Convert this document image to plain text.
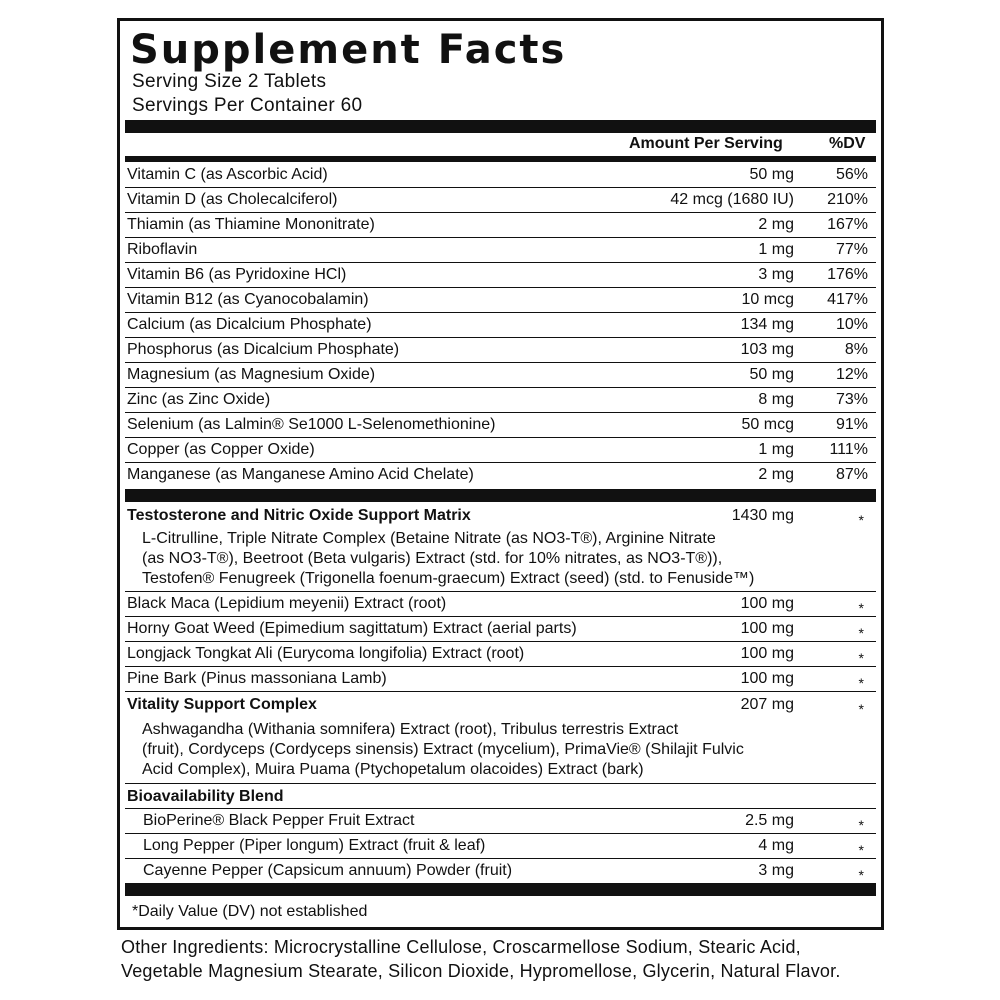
Supplement Facts
Serving Size 2 Tablets
Servings Per Container 60
Amount Per Serving	%DV
Vitamin C (as Ascorbic Acid)	50 mg	56%
Vitamin D (as Cholecalciferol)	42 mcg (1680 IU) 210%
Thiamin (as Thiamine Mononitrate)	2 mg 167%
Riboflavin	1 mg	77%
Vitamin B6 (as Pyridoxine HCl)	3 mg 176%
Vitamin B12 (as Cyanocobalamin)	10 mcg 417%
Calcium (as Dicalcium Phosphate)	134 mg	10%
Phosphorus (as Dicalcium Phosphate)	103 mg	8%
Magnesium (as Magnesium Oxide)	50 mg	12%
Zinc (as Zinc Oxide)	8 mg	73%
Selenium (as Lalmin® Se1000 L-Selenomethionine)	50 mcg	91%
Copper (as Copper Oxide)	1 mg 111%
Manganese (as Manganese Amino Acid Chelate)	2 mg	87%
Testosterone and Nitric Oxide Support Matrix	1430 mg	*
L-Citrulline, Triple Nitrate Complex (Betaine Nitrate (as NO3-T®), Arginine Nitrate
(as NO3-T®), Beetroot (Beta vulgaris) Extract (std. for 10% nitrates, as NO3-T®)),
Testofen® Fenugreek (Trigonella foenum-graecum) Extract (seed) (std. to Fenuside™)
Black Maca (Lepidium meyenii) Extract (root)	100 mg	*
Horny Goat Weed (Epimedium sagittatum) Extract (aerial parts)	100 mg	*
Longjack Tongkat Ali (Eurycoma longifolia) Extract (root)	100 mg	*
Pine Bark (Pinus massoniana Lamb)	100 mg	*
Vitality Support Complex	207 mg	*
Ashwagandha (Withania somnifera) Extract (root), Tribulus terrestris Extract
(fruit), Cordyceps (Cordyceps sinensis) Extract (mycelium), PrimaVie® (Shilajit Fulvic
Acid Complex), Muira Puama (Ptychopetalum olacoides) Extract (bark)
Bioavailability Blend
BioPerine® Black Pepper Fruit Extract	2.5 mg	*
Long Pepper (Piper longum) Extract (fruit & leaf)	4 mg	*
Cayenne Pepper (Capsicum annuum) Powder (fruit)	3 mg	*
*Daily Value (DV) not established
Other Ingredients: Microcrystalline Cellulose, Croscarmellose Sodium, Stearic Acid, Vegetable Magnesium Stearate, Silicon Dioxide, Hypromellose, Glycerin, Natural Flavor.
